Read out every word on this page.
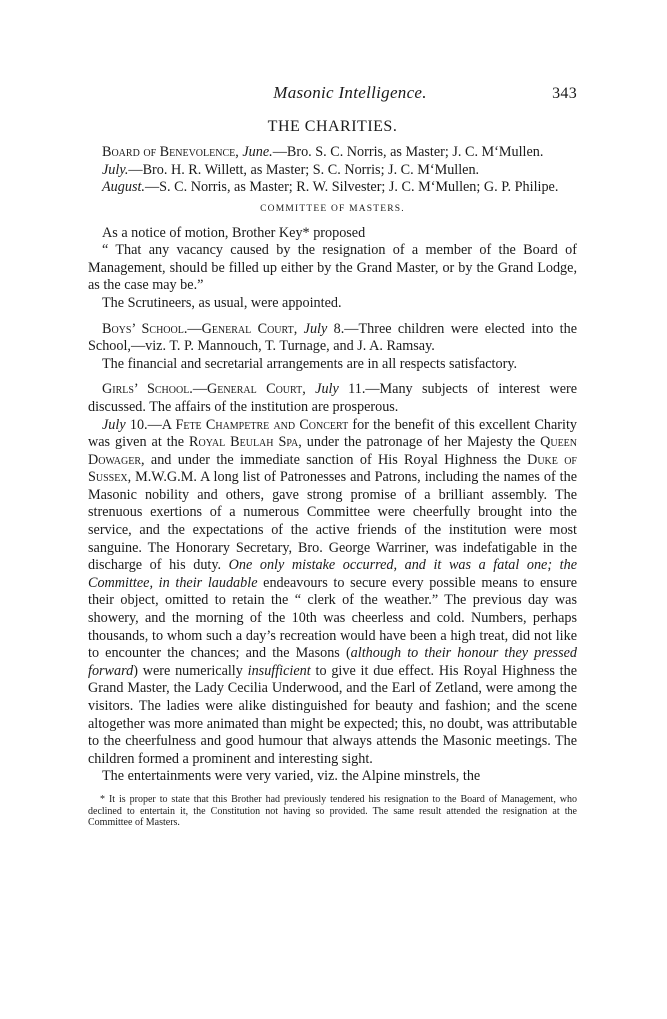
Masonic Intelligence.	343
THE CHARITIES.

Board of Benevolence, June.—Bro. S. C. Norris, as Master; J. C. M‘Mullen.

July.—Bro. H. R. Willett, as Master; S. C. Norris; J. C. M‘Mullen.

August.—S. C. Norris, as Master; R. W. Silvester; J. C. M‘Mullen; G. P. Philipe.

COMMITTEE OF MASTERS.

As a notice of motion, Brother Key* proposed

“ That any vacancy caused by the resignation of a member of the Board of Management, should be filled up either by the Grand Master, or by the Grand Lodge, as the case may be.”

The Scrutineers, as usual, were appointed.

Boys’ School.—General Court, July 8.—Three children were elected into the School,—viz. T. P. Mannouch, T. Turnage, and J. A. Ramsay.

The financial and secretarial arrangements are in all respects satisfactory.

Girls’ School.—General Court, July 11.—Many subjects of interest were discussed. The affairs of the institution are prosperous.

July 10.—A Fete Champetre and Concert for the benefit of this excellent Charity was given at the Royal Beulah Spa, under the patronage of her Majesty the Queen Dowager, and under the immediate sanction of His Royal Highness the Duke of Sussex, M.W.G.M. A long list of Patronesses and Patrons, including the names of the Masonic nobility and others, gave strong promise of a brilliant assembly. The strenuous exertions of a numerous Committee were cheerfully brought into the service, and the expectations of the active friends of the institution were most sanguine. The Honorary Secretary, Bro. George Warriner, was indefatigable in the discharge of his duty. One only mistake occurred, and it was a fatal one; the Committee, in their laudable endeavours to secure every possible means to ensure their object, omitted to retain the “ clerk of the weather.” The previous day was showery, and the morning of the 10th was cheerless and cold. Numbers, perhaps thousands, to whom such a day’s recreation would have been a high treat, did not like to encounter the chances; and the Masons (although to their honour they pressed forward) were numerically insufficient to give it due effect. His Royal Highness the Grand Master, the Lady Cecilia Underwood, and the Earl of Zetland, were among the visitors. The ladies were alike distinguished for beauty and fashion; and the scene altogether was more animated than might be expected; this, no doubt, was attributable to the cheerfulness and good humour that always attends the Masonic meetings. The children formed a prominent and interesting sight.

The entertainments were very varied, viz. the Alpine minstrels, the

* It is proper to state that this Brother had previously tendered his resignation to the Board of Management, who declined to entertain it, the Constitution not having so provided. The same result attended the resignation at the Committee of Masters.
